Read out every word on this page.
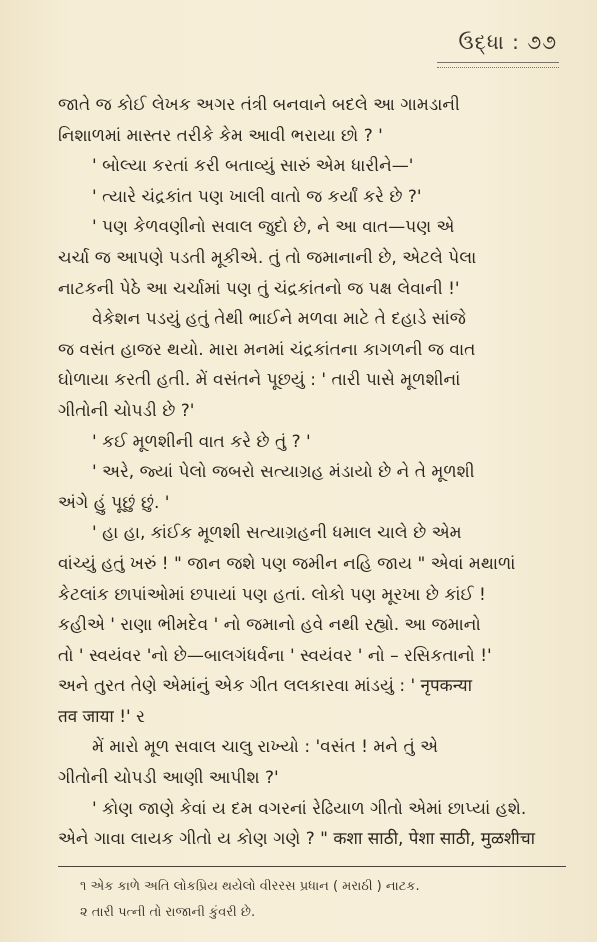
ઉદ્ધા : ૭૭

જાતે જ કોઈ લેખક અગર તંત્રી બનવાને બદલે આ ગામડાની

નિશાળમાં માસ્તર તરીકે કેમ આવી ભરાયા છો ? '

' બોલ્યા કરતાં કરી બતાવ્યું સારું એમ ધારીને—'

' ત્યારે ચંદ્રકાંત પણ ખાલી વાતો જ કર્યાં કરે છે ?'

' પણ કેળવણીનો સવાલ જુદો છે, ને આ વાત—પણ એ

ચર્ચા જ આપણે પડતી મૂકીએ. તું તો જમાનાની છે, એટલે પેલા

નાટકની પેઠે આ ચર્ચામાં પણ તું ચંદ્રકાંતનો જ પક્ષ લેવાની !'

વેકેશન પડયું હતું તેથી ભાઈને મળવા માટે તે દહાડે સાંજે

જ વસંત હાજર થયો. મારા મનમાં ચંદ્રકાંતના કાગળની જ વાત

ઘોળાયા કરતી હતી. મેં વસંતને પૂછયું : ' તારી પાસે મૂળશીનાં

ગીતોની ચોપડી છે ?'

' કઈ મૂળશીની વાત કરે છે તું ? '

' અરે, જ્યાં પેલો જબરો સત્યાગ્રહ મંડાયો છે ને તે મૂળશી

અંગે હું પૂછું છું. '

' હા હા, કાંઈક મૂળશી સત્યાગ્રહની ધમાલ ચાલે છે એમ

વાંચ્યું હતું ખરું ! " જાન જશે પણ જમીન નહિ જાય " એવાં મથાળાં

કેટલાંક છાપાંઓમાં છપાયાં પણ હતાં. લોકો પણ મૂરખા છે કાંઈ !

કહીએ ' રાણા ભીમદેવ ' નો જમાનો હવે નથી રહ્યો. આ જમાનો

તો ' સ્વયંવર 'નો છે—બાલગંધર્વના ' સ્વયંવર ' નો – રસિકતાનો !'

અને તુરત તેણે એમાંનું એક ગીત લલકારવા માંડયું : ' नृपकन्या

तव जाया !' ર

મેં મારો મૂળ સવાલ ચાલુ રાખ્યો : 'વસંત ! મને તું એ

ગીતોની ચોપડી આણી આપીશ ?'

' કોણ જાણે કેવાં ય દમ વગરનાં રેઢિયાળ ગીતો એમાં છાપ્યાં હશે.

એને ગાવા લાયક ગીતો ય કોણ ગણે ? " कशा साठी, पेशा साठी, मुळशीचा

૧ એક કાળે અતિ લોકપ્રિય થયેલો વીરરસ પ્રધાન ( મરાઠી ) નાટક.

૨ તારી પત્ની તો રાજાની કુંવરી છે.
